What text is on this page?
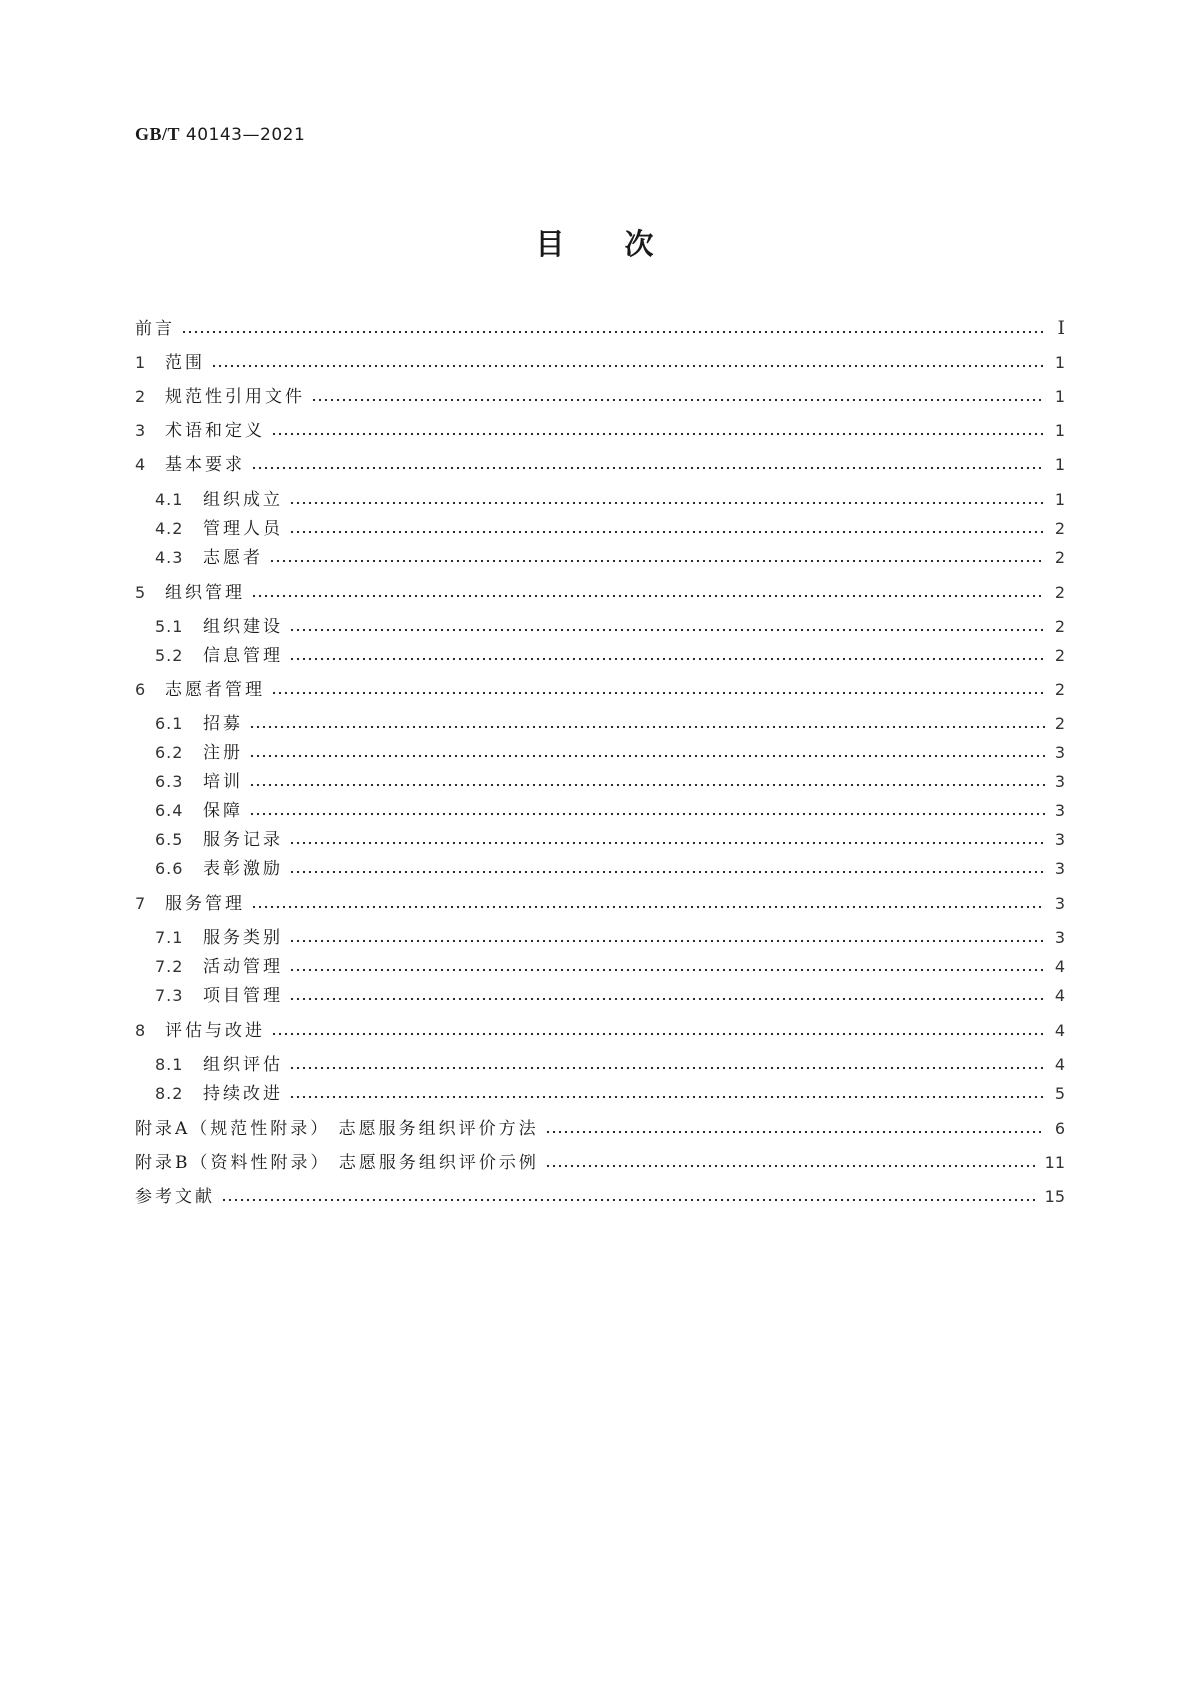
GB/T 40143—2021
目 次
前言	Ⅰ
1	范围	1
2	规范性引用文件	1
3	术语和定义	1
4	基本要求	1
4.1	组织成立	1
4.2	管理人员	2
4.3	志愿者	2
5	组织管理	2
5.1	组织建设	2
5.2	信息管理	2
6	志愿者管理	2
6.1	招募	2
6.2	注册	3
6.3	培训	3
6.4	保障	3
6.5	服务记录	3
6.6	表彰激励	3
7	服务管理	3
7.1	服务类别	3
7.2	活动管理	4
7.3	项目管理	4
8	评估与改进	4
8.1	组织评估	4
8.2	持续改进	5
附录A（规范性附录） 志愿服务组织评价方法	6
附录B（资料性附录） 志愿服务组织评价示例	11
参考文献	15
